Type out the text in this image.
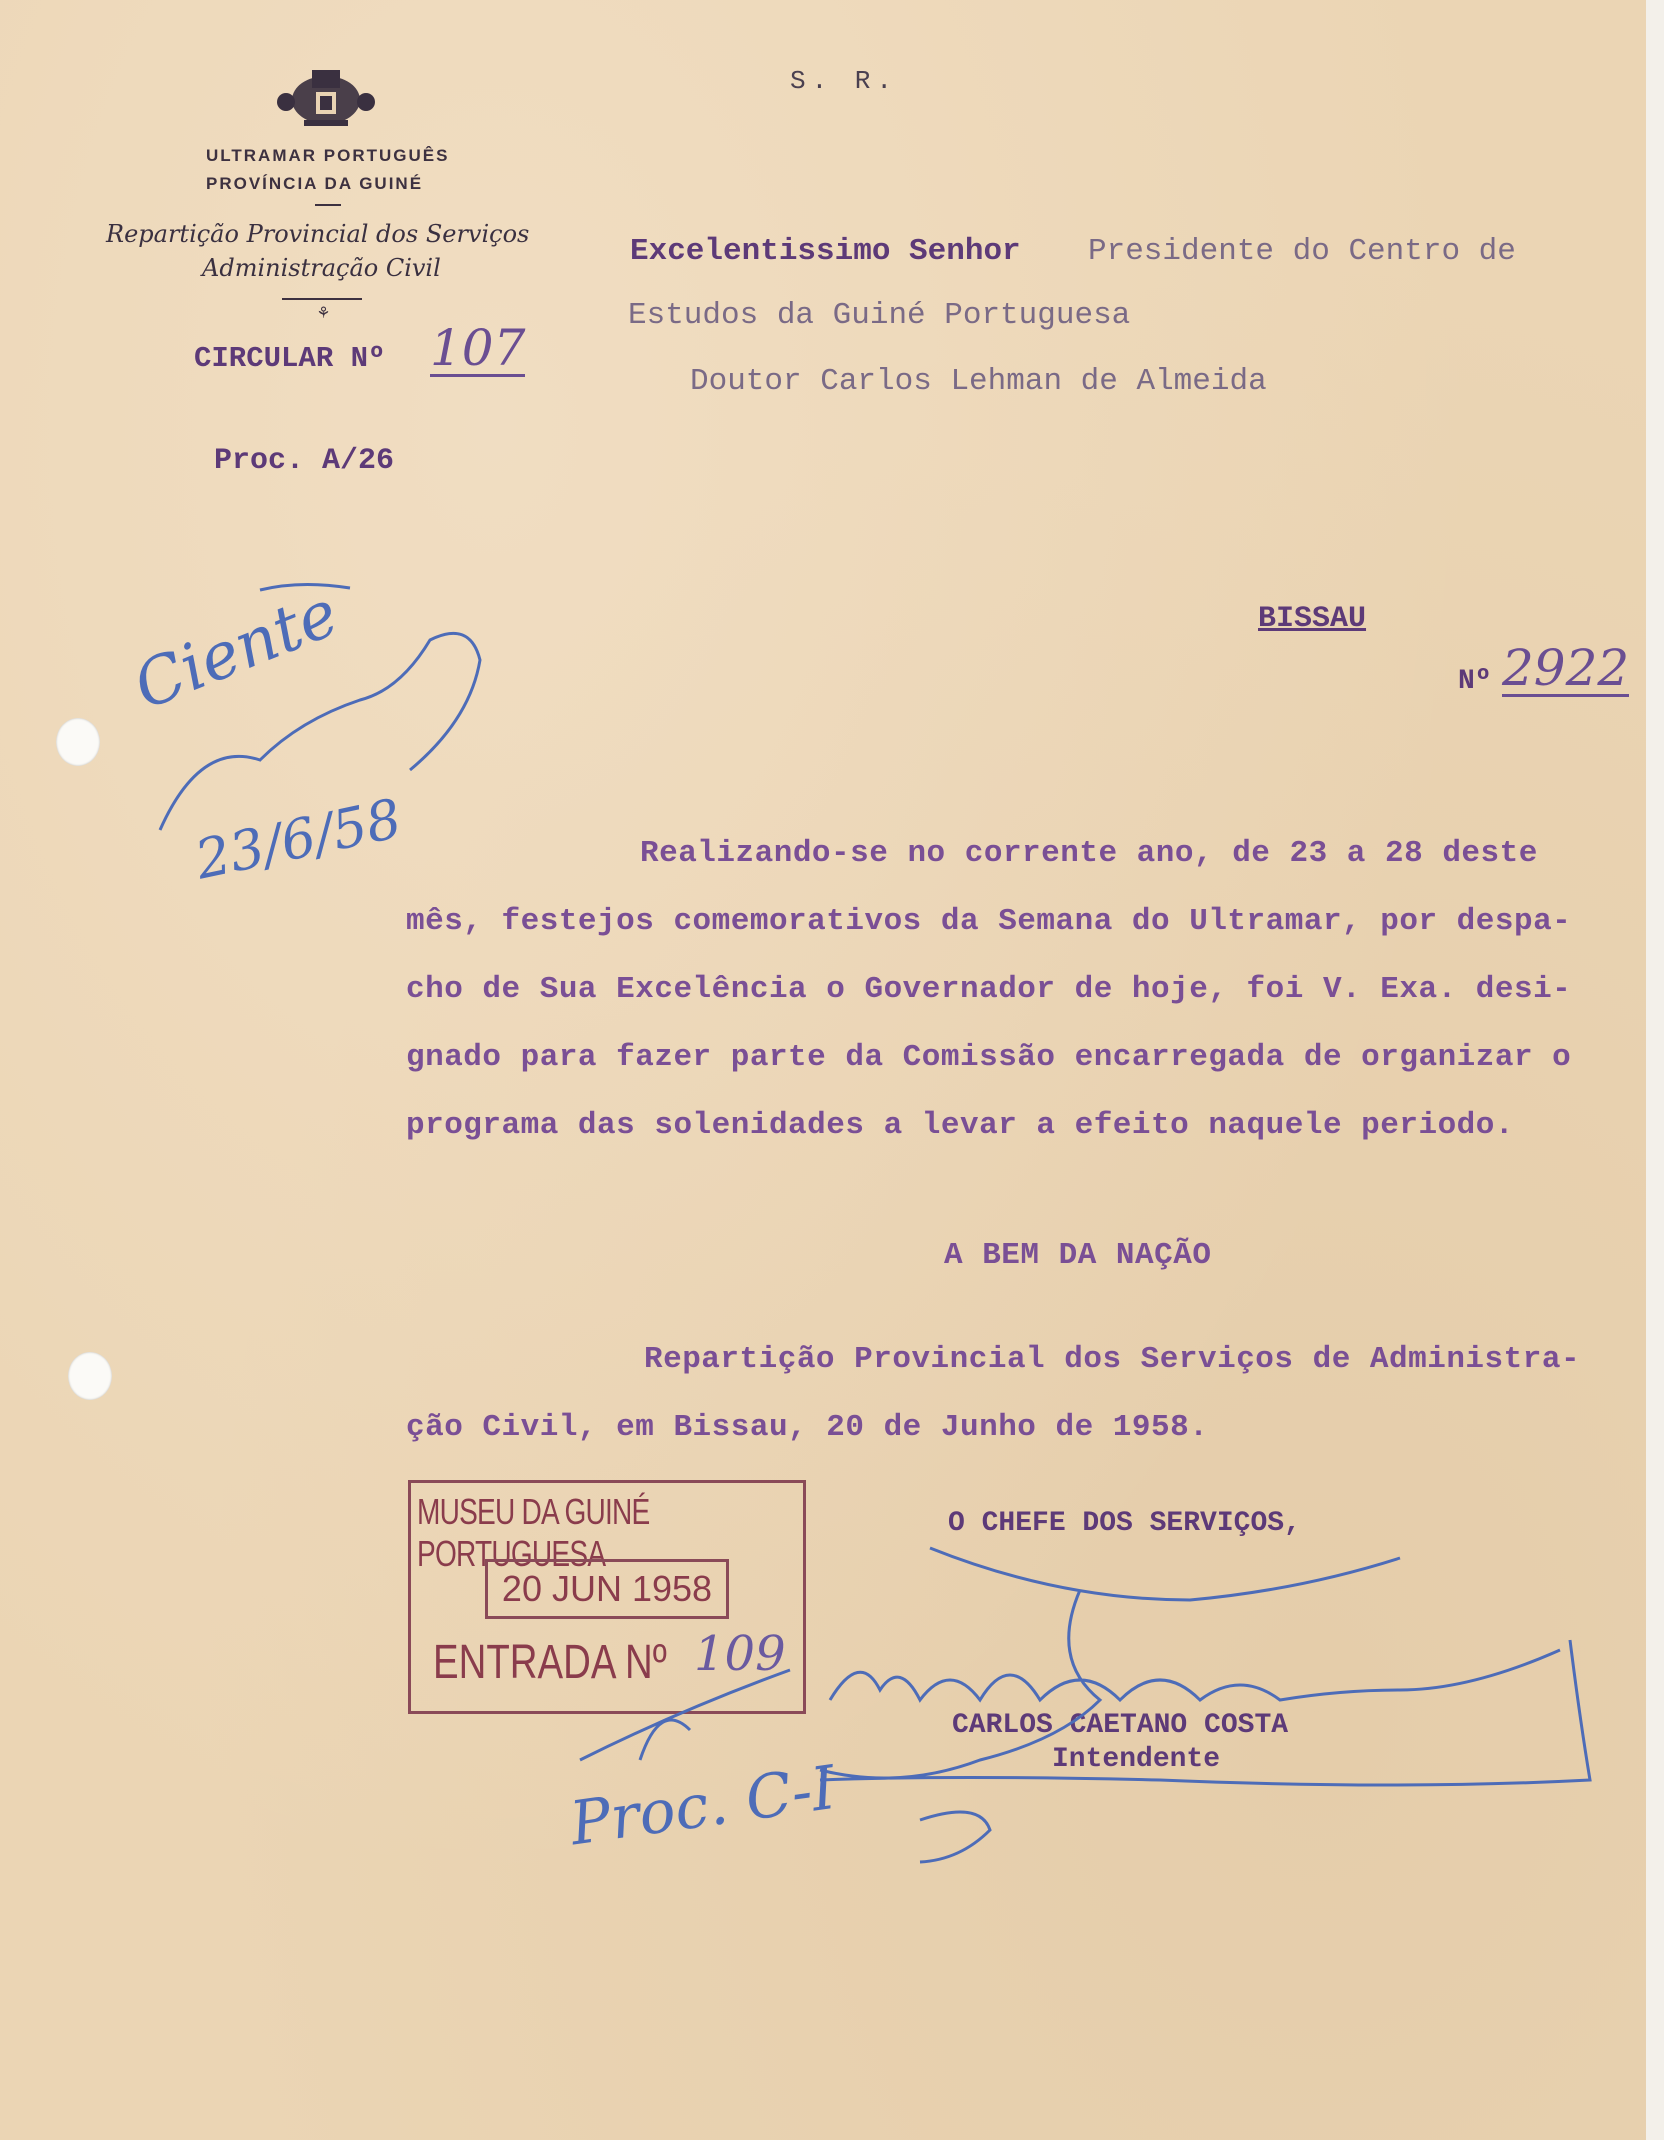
S. R.
ULTRAMAR PORTUGUÊS
PROVÍNCIA DA GUINÉ
Repartição Provincial dos Serviços
Administração Civil
⚘
CIRCULAR Nº 107
Proc. A/26
Excelentissimo Senhor Presidente do Centro de
Estudos da Guiné Portuguesa
Doutor Carlos Lehman de Almeida
BISSAU
Nº 2922
Ciente
23/6/58	Realizando-se no corrente ano, de 23 a 28 deste
mês, festejos comemorativos da Semana do Ultramar, por despa-
cho de Sua Excelência o Governador de hoje, foi V. Exa. desi-
gnado para fazer parte da Comissão encarregada de organizar o
programa das solenidades a levar a efeito naquele periodo.
A BEM DA NAÇÃO
Repartição Provincial dos Serviços de Administra-
ção Civil, em Bissau, 20 de Junho de 1958.
MUSEU DA GUINÉ PORTUGUESA
20 JUN 1958
ENTRADA Nº 109
O CHEFE DOS SERVIÇOS,
CARLOS CAETANO COSTA
Intendente
Proc. C-I
